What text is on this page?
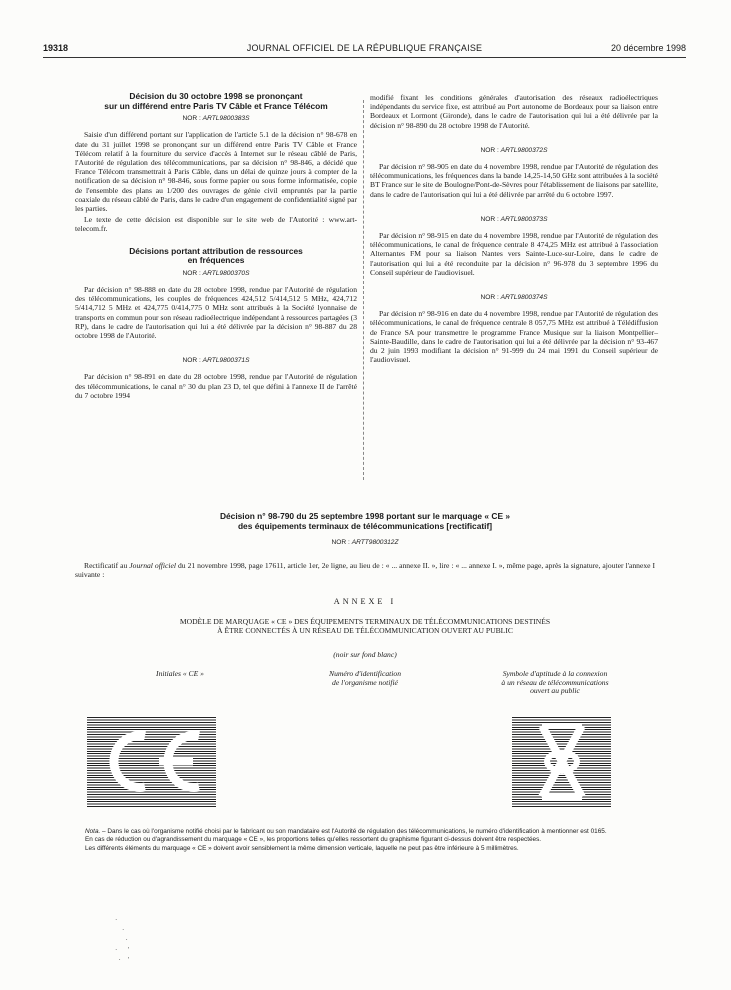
19318	JOURNAL OFFICIEL DE LA RÉPUBLIQUE FRANÇAISE	20 décembre 1998
Décision du 30 octobre 1998 se prononçant
sur un différend entre Paris TV Câble et France Télécom
NOR : ARTL9800383S

Saisie d'un différend portant sur l'application de l'article 5.1 de la décision n° 98-678 en date du 31 juillet 1998 se prononçant sur un différend entre Paris TV Câble et France Télécom relatif à la fourniture du service d'accès à Internet sur le réseau câblé de Paris, l'Autorité de régulation des télécommunications, par sa décision n° 98-846, a décidé que France Télécom transmettrait à Paris Câble, dans un délai de quinze jours à compter de la notification de sa décision n° 98-846, sous forme papier ou sous forme informatisée, copie de l'ensemble des plans au 1/200 des ouvrages de génie civil empruntés par la partie coaxiale du réseau câblé de Paris, dans le cadre d'un engagement de confidentialité signé par les parties.

Le texte de cette décision est disponible sur le site web de l'Autorité : www.art-telecom.fr.

Décisions portant attribution de ressources
en fréquences
NOR : ARTL9800370S

Par décision n° 98-888 en date du 28 octobre 1998, rendue par l'Autorité de régulation des télécommunications, les couples de fréquences 424,512 5/414,512 5 MHz, 424,712 5/414,712 5 MHz et 424,775 0/414,775 0 MHz sont attribués à la Société lyonnaise de transports en commun pour son réseau radioélectrique indépendant à ressources partagées (3 RP), dans le cadre de l'autorisation qui lui a été délivrée par la décision n° 98-887 du 28 octobre 1998 de l'Autorité.

NOR : ARTL9800371S

Par décision n° 98-891 en date du 28 octobre 1998, rendue par l'Autorité de régulation des télécommunications, le canal n° 30 du plan 23 D, tel que défini à l'annexe II de l'arrêté du 7 octobre 1994

modifié fixant les conditions générales d'autorisation des réseaux radioélectriques indépendants du service fixe, est attribué au Port autonome de Bordeaux pour sa liaison entre Bordeaux et Lormont (Gironde), dans le cadre de l'autorisation qui lui a été délivrée par la décision n° 98-890 du 28 octobre 1998 de l'Autorité.

NOR : ARTL9800372S

Par décision n° 98-905 en date du 4 novembre 1998, rendue par l'Autorité de régulation des télécommunications, les fréquences dans la bande 14,25-14,50 GHz sont attribuées à la société BT France sur le site de Boulogne/Pont-de-Sèvres pour l'établissement de liaisons par satellite, dans le cadre de l'autorisation qui lui a été délivrée par arrêté du 6 octobre 1997.

NOR : ARTL9800373S

Par décision n° 98-915 en date du 4 novembre 1998, rendue par l'Autorité de régulation des télécommunications, le canal de fréquence centrale 8 474,25 MHz est attribué à l'association Alternantes FM pour sa liaison Nantes vers Sainte-Luce-sur-Loire, dans le cadre de l'autorisation qui lui a été reconduite par la décision n° 96-978 du 3 septembre 1996 du Conseil supérieur de l'audiovisuel.

NOR : ARTL9800374S

Par décision n° 98-916 en date du 4 novembre 1998, rendue par l'Autorité de régulation des télécommunications, le canal de fréquence centrale 8 057,75 MHz est attribué à Télédiffusion de France SA pour transmettre le programme France Musique sur la liaison Montpellier–Sainte-Baudille, dans le cadre de l'autorisation qui lui a été délivrée par la décision n° 93-467 du 2 juin 1993 modifiant la décision n° 91-999 du 24 mai 1991 du Conseil supérieur de l'audiovisuel.

Décision n° 98-790 du 25 septembre 1998 portant sur le marquage « CE »
des équipements terminaux de télécommunications [rectificatif]
NOR : ARTT9800312Z
Rectificatif au Journal officiel du 21 novembre 1998, page 17611, article 1er, 2e ligne, au lieu de : « ... annexe II. », lire : « ... annexe I. », même page, après la signature, ajouter l'annexe I suivante :
ANNEXE I
MODÈLE DE MARQUAGE « CE » DES ÉQUIPEMENTS TERMINAUX DE TÉLÉCOMMUNICATIONS DESTINÉS
À ÊTRE CONNECTÉS À UN RÉSEAU DE TÉLÉCOMMUNICATION OUVERT AU PUBLIC
(noir sur fond blanc)
Initiales « CE »	Numéro d'identification
de l'organisme notifié
Symbole d'aptitude à la connexion
à un réseau de télécommunications
ouvert au public

Nota. – Dans le cas où l'organisme notifié choisi par le fabricant ou son mandataire est l'Autorité de régulation des télécommunications, le numéro d'identification à mentionner est 0165.

En cas de réduction ou d'agrandissement du marquage « CE », les proportions telles qu'elles ressortent du graphisme figurant ci-dessus doivent être respectées.

Les différents éléments du marquage « CE » doivent avoir sensiblement la même dimension verticale, laquelle ne peut pas être inférieure à 5 millimètres.

·
·
·
·      '
·    '
